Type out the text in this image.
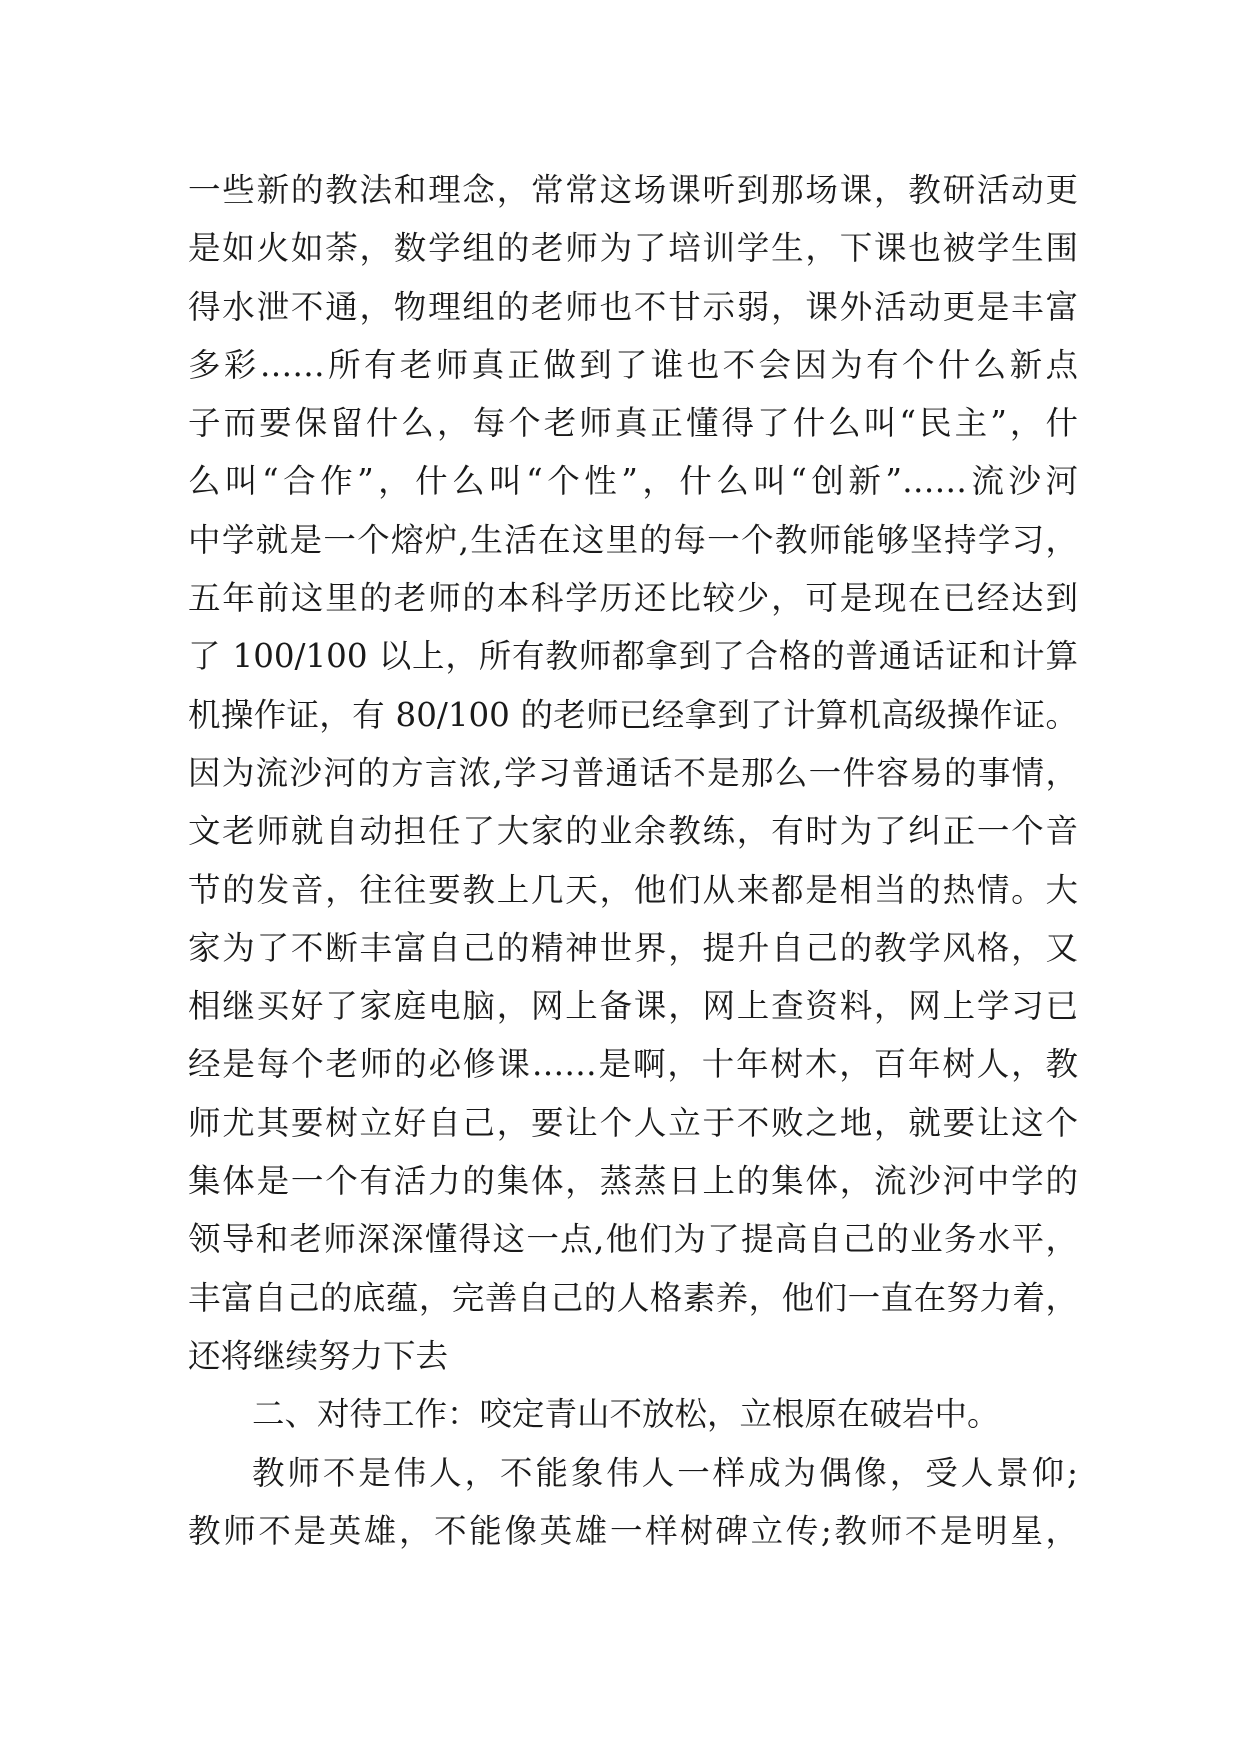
一些新的教法和理念，常常这场课听到那场课，教研活动更
是如火如荼，数学组的老师为了培训学生，下课也被学生围
得水泄不通，物理组的老师也不甘示弱，课外活动更是丰富
多彩……所有老师真正做到了谁也不会因为有个什么新点
子而要保留什么，每个老师真正懂得了什么叫“民主”，什
么叫“合作”，什么叫“个性”，什么叫“创新”……流沙河
中学就是一个熔炉,生活在这里的每一个教师能够坚持学习，
五年前这里的老师的本科学历还比较少，可是现在已经达到
了 100/100 以上，所有教师都拿到了合格的普通话证和计算
机操作证，有 80/100 的老师已经拿到了计算机高级操作证。
因为流沙河的方言浓,学习普通话不是那么一件容易的事情，
文老师就自动担任了大家的业余教练，有时为了纠正一个音
节的发音，往往要教上几天，他们从来都是相当的热情。大
家为了不断丰富自己的精神世界，提升自己的教学风格，又
相继买好了家庭电脑，网上备课，网上查资料，网上学习已
经是每个老师的必修课……是啊，十年树木，百年树人，教
师尤其要树立好自己，要让个人立于不败之地，就要让这个
集体是一个有活力的集体，蒸蒸日上的集体，流沙河中学的
领导和老师深深懂得这一点,他们为了提高自己的业务水平，
丰富自己的底蕴，完善自己的人格素养，他们一直在努力着，
还将继续努力下去
二、对待工作：咬定青山不放松，立根原在破岩中。
教师不是伟人，不能象伟人一样成为偶像，受人景仰;
教师不是英雄，不能像英雄一样树碑立传;教师不是明星，
